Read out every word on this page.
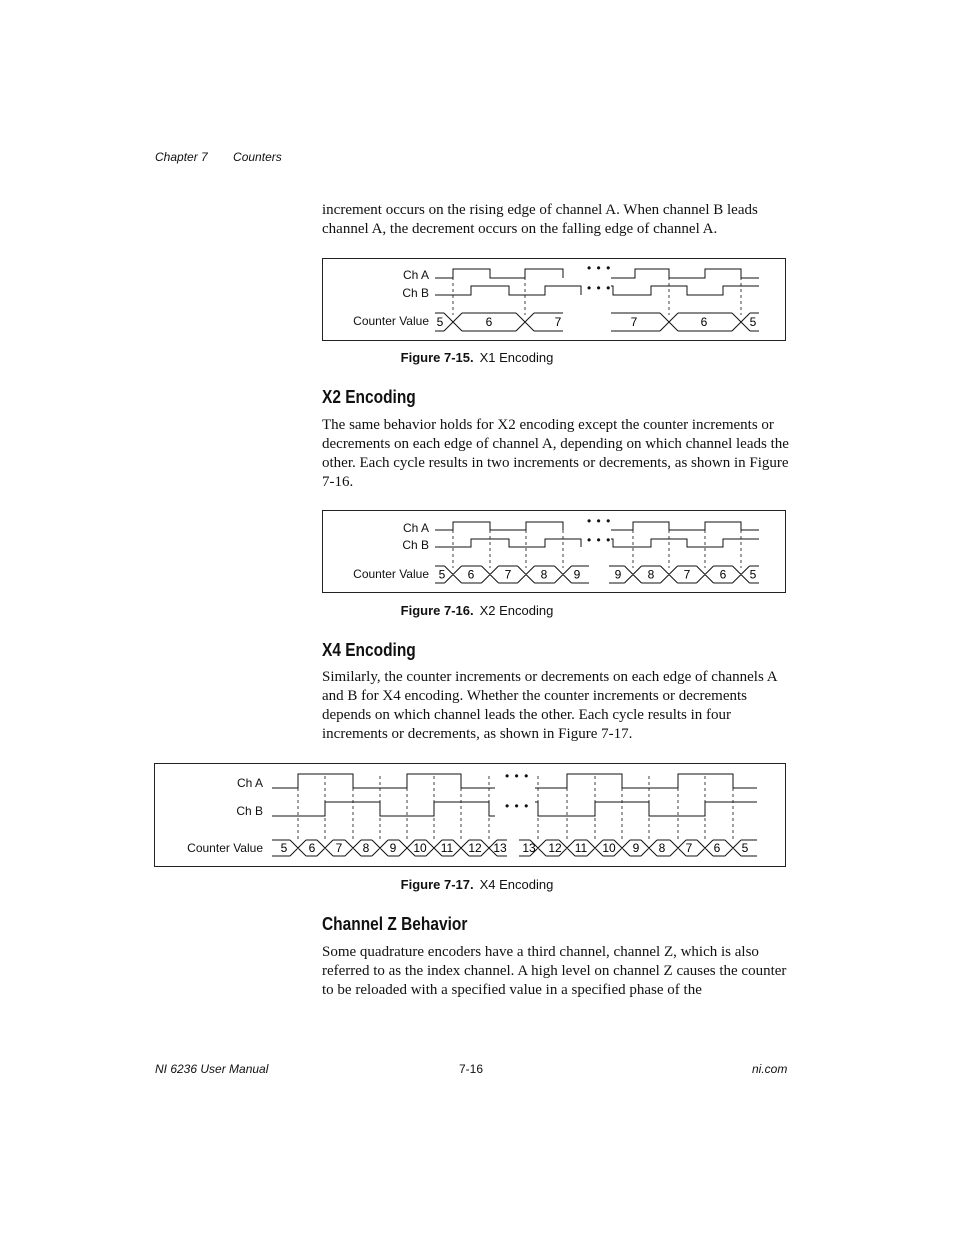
Chapter 7 Counters

increment occurs on the rising edge of channel A. When channel B leads channel A, the decrement occurs on the falling edge of channel A.

Ch A
Ch B
Counter Value
• • •
• • •
5	6	7	7	6	5
Figure 7-15. X1 Encoding
X2 Encoding

The same behavior holds for X2 encoding except the counter increments or decrements on each edge of channel A, depending on which channel leads the other. Each cycle results in two increments or decrements, as shown in Figure 7-16.

Ch A
Ch B
Counter Value
• • •
• • •
5 6	7 8 9	9 8 7 6 5
Figure 7-16. X2 Encoding
X4 Encoding

Similarly, the counter increments or decrements on each edge of channels A and B for X4 encoding. Whether the counter increments or decrements depends on which channel leads the other. Each cycle results in four increments or decrements, as shown in Figure 7-17.

Ch A
Ch B
Counter Value
• • •
• • •
5 6 7 8 9 10 11 12 13 13 12 11 10 9 8 7 6 5
Figure 7-17. X4 Encoding
Channel Z Behavior

Some quadrature encoders have a third channel, channel Z, which is also referred to as the index channel. A high level on channel Z causes the counter to be reloaded with a specified value in a specified phase of the

NI 6236 User Manual	7-16	ni.com
